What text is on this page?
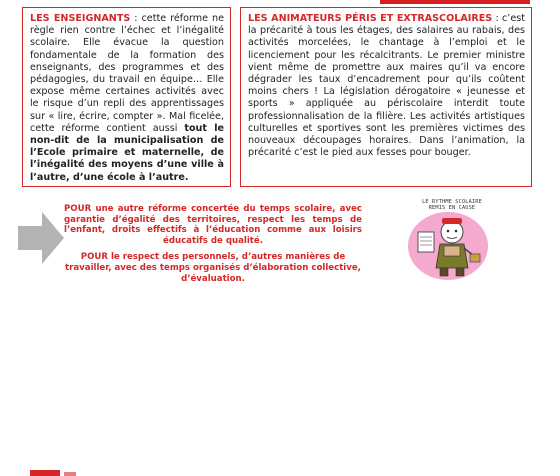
LES ENSEIGNANTS : cette réforme ne règle rien contre l’échec et l’inégalité scolaire. Elle évacue la question fondamentale de la formation des enseignants, des programmes et des pédagogies, du travail en équipe… Elle expose même certaines activités avec le risque d’un repli des apprentissages sur « lire, écrire, compter ». Mal ficelée, cette réforme contient aussi tout le non-dit de la municipalisation de l’Ecole primaire et maternelle, de l’inégalité des moyens d’une ville à l’autre, d’une école à l’autre.
LES ANIMATEURS PÉRIS ET EXTRASCOLAIRES : c’est la précarité à tous les étages, des salaires au rabais, des activités morcelées, le chantage à l’emploi et le licenciement pour les récalcitrants. Le premier ministre vient même de promettre aux maires qu’il va encore dégrader les taux d’encadrement pour qu’ils coûtent moins chers ! La législation dérogatoire « jeunesse et sports » appliquée au périscolaire interdit toute professionnalisation de la filière. Les activités artistiques culturelles et sportives sont les premières victimes des nouveaux découpages horaires. Dans l’animation, la précarité c’est le pied aux fesses pour bouger.

POUR une autre réforme concertée du temps scolaire, avec garantie d’égalité des territoires, respect les temps de l’enfant, droits effectifs à l’éducation comme aux loisirs éducatifs de qualité.

POUR le respect des personnels, d’autres manières de travailler, avec des temps organisés d’élaboration collective, d’évaluation.

LE RYTHME SCOLAIRE
REMIS EN CAUSE
